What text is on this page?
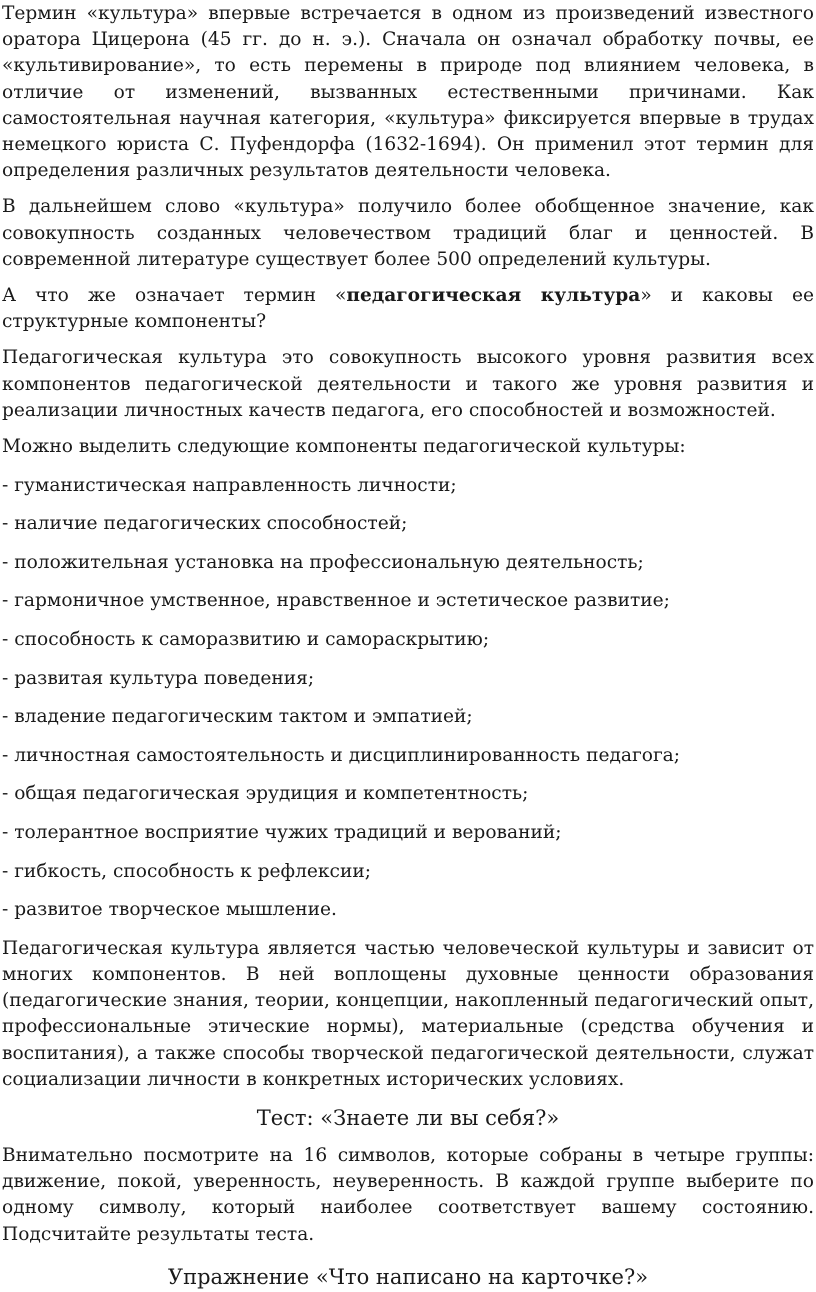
Термин «культура» впервые встречается в одном из произведений известного оратора Цицерона (45 гг. до н. э.). Сначала он означал обработку почвы, ее «культивирование», то есть перемены в природе под влиянием человека, в отличие от изменений, вызванных естественными причинами. Как самостоятельная научная категория, «культура» фиксируется впервые в трудах немецкого юриста С. Пуфендорфа (1632-1694). Он применил этот термин для определения различных результатов деятельности человека.

В дальнейшем слово «культура» получило более обобщенное значение, как совокупность созданных человечеством традиций благ и ценностей. В современной литературе существует более 500 определений культуры.

А что же означает термин «педагогическая культура» и каковы ее структурные компоненты?

Педагогическая культура это совокупность высокого уровня развития всех компонентов педагогической деятельности и такого же уровня развития и реализации личностных качеств педагога, его способностей и возможностей.

Можно выделить следующие компоненты педагогической культуры:

- гуманистическая направленность личности;

- наличие педагогических способностей;

- положительная установка на профессиональную деятельность;

- гармоничное умственное, нравственное и эстетическое развитие;

- способность к саморазвитию и самораскрытию;

- развитая культура поведения;

- владение педагогическим тактом и эмпатией;

- личностная самостоятельность и дисциплинированность педагога;

- общая педагогическая эрудиция и компетентность;

- толерантное восприятие чужих традиций и верований;

- гибкость, способность к рефлексии;

- развитое творческое мышление.

Педагогическая культура является частью человеческой культуры и зависит от многих компонентов. В ней воплощены духовные ценности образования (педагогические знания, теории, концепции, накопленный педагогический опыт, профессиональные этические нормы), материальные (средства обучения и воспитания), а также способы творческой педагогической деятельности, служат социализации личности в конкретных исторических условиях.

Тест: «Знаете ли вы себя?»

Внимательно посмотрите на 16 символов, которые собраны в четыре группы: движение, покой, уверенность, неуверенность. В каждой группе выберите по одному символу, который наиболее соответствует вашему состоянию. Подсчитайте результаты теста.

Упражнение «Что написано на карточке?»
